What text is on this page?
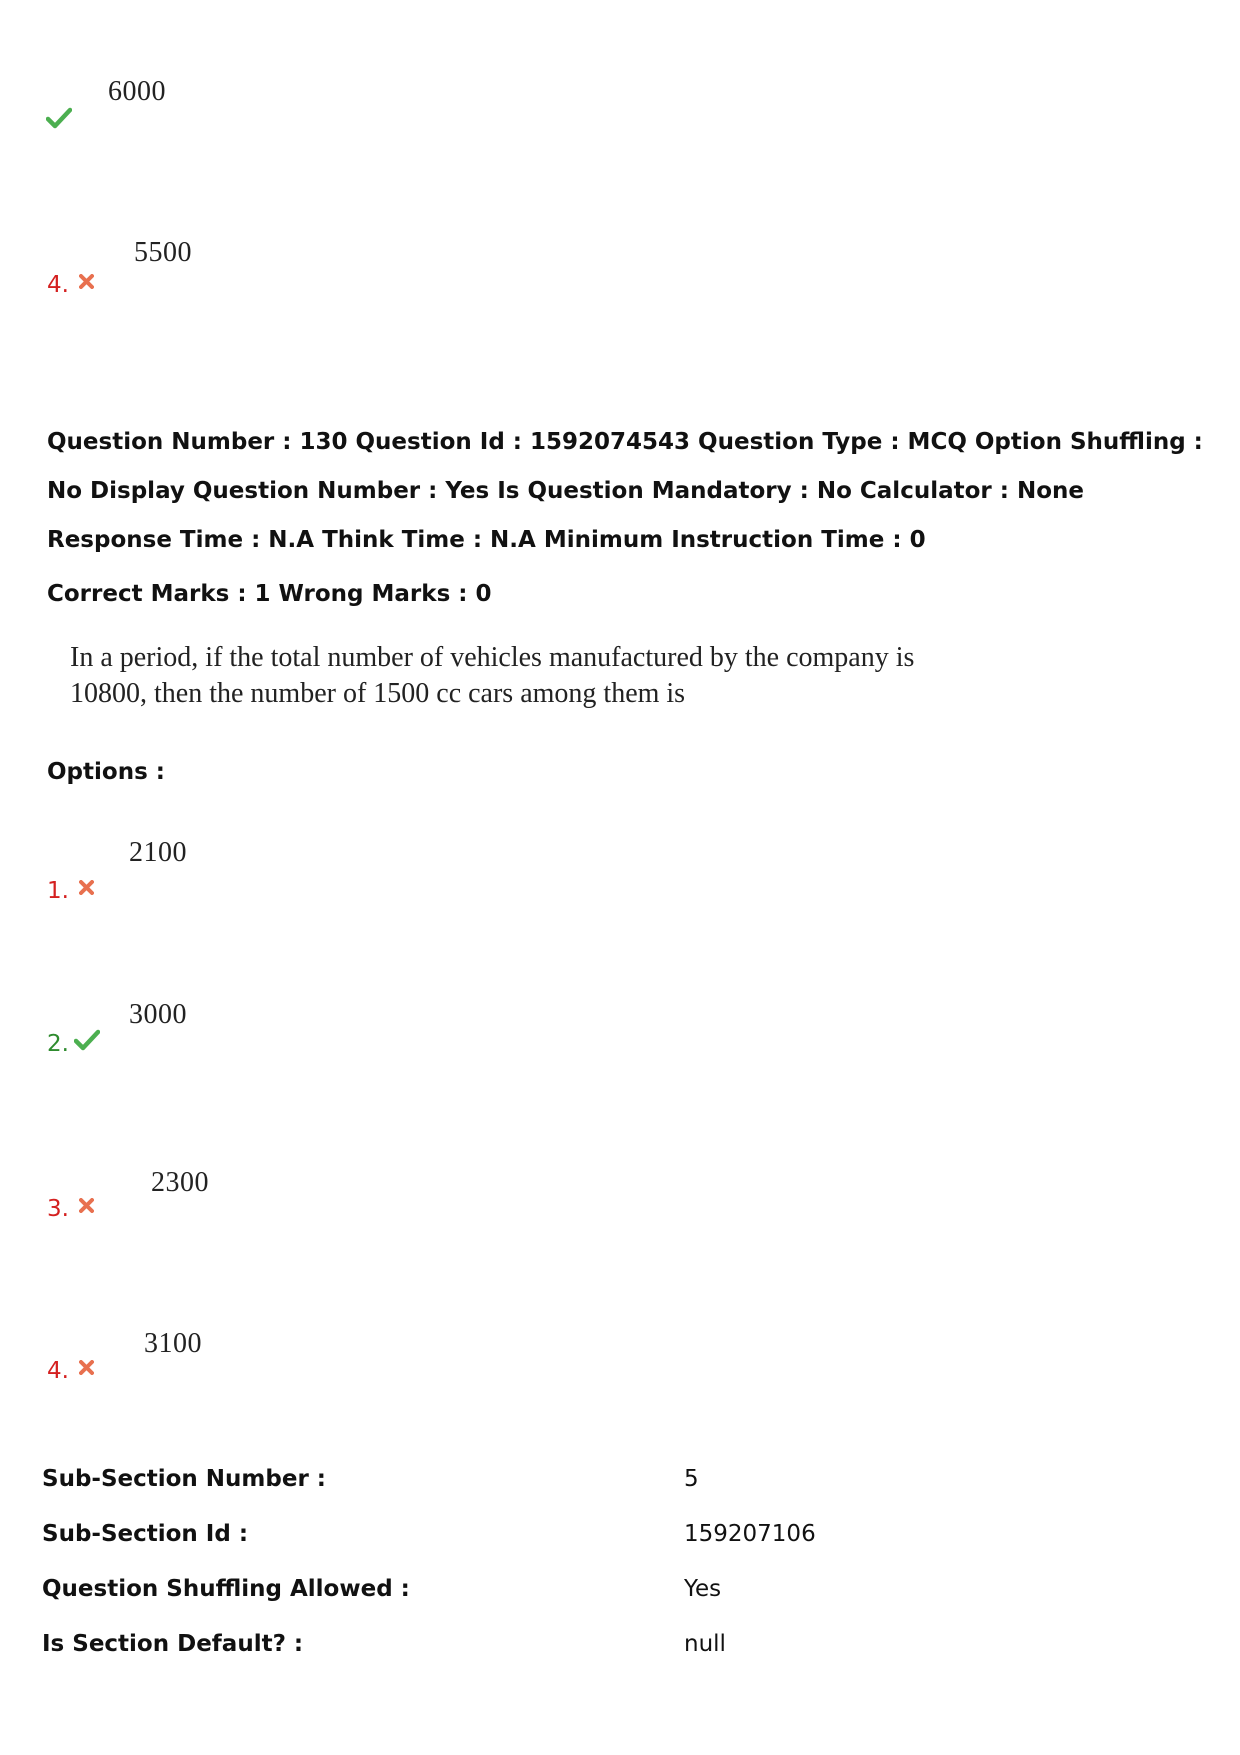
6000
4.
5500
Question Number : 130 Question Id : 1592074543 Question Type : MCQ Option Shuffling : No Display Question Number : Yes Is Question Mandatory : No Calculator : None Response Time : N.A Think Time : N.A Minimum Instruction Time : 0
Correct Marks : 1 Wrong Marks : 0
In a period, if the total number of vehicles manufactured by the company is
10800, then the number of 1500 cc cars among them is
Options :
1.
2100
2.
3000
3.
2300
4.
3100
Sub-Section Number :	5
Sub-Section Id :	159207106
Question Shuffling Allowed :	Yes
Is Section Default? :	null
